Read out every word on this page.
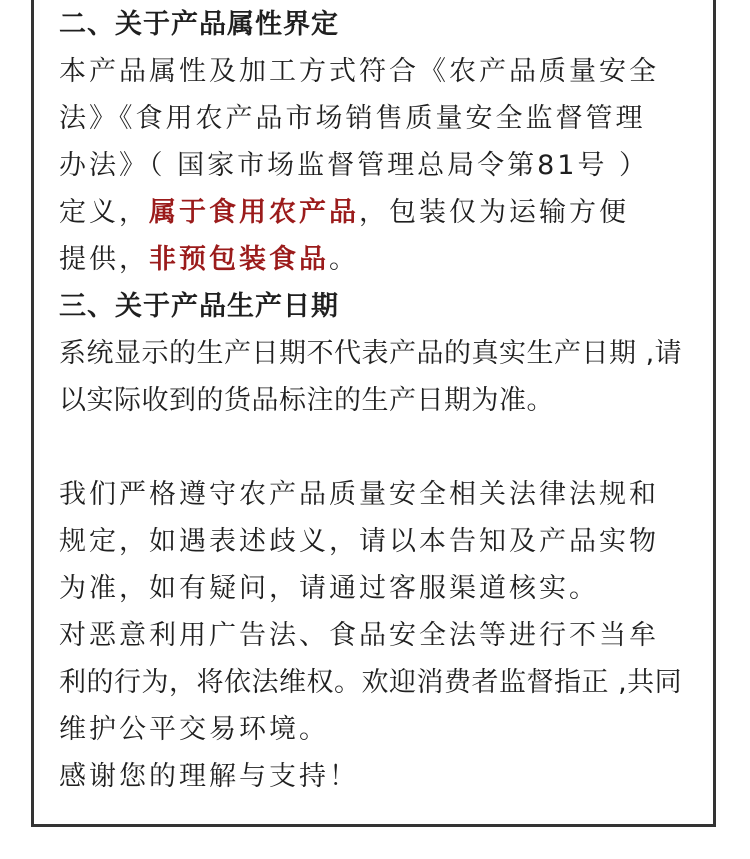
二、关于产品属性界定
本产品属性及加工方式符合《农产品质量安全
法》《食用农产品市场销售质量安全监督管理
办法》（ 国家市场监督管理总局令第81号 ）
定义，属于食用农产品，包装仅为运输方便
提供，非预包装食品。
三、关于产品生产日期
系统显示的生产日期不代表产品的真实生产日期 ,请
以实际收到的货品标注的生产日期为准。
我们严格遵守农产品质量安全相关法律法规和
规定，如遇表述歧义，请以本告知及产品实物
为准，如有疑问，请通过客服渠道核实。
对恶意利用广告法、食品安全法等进行不当牟
利的行为，将依法维权。欢迎消费者监督指正 ,共同
维护公平交易环境。
感谢您的理解与支持！
